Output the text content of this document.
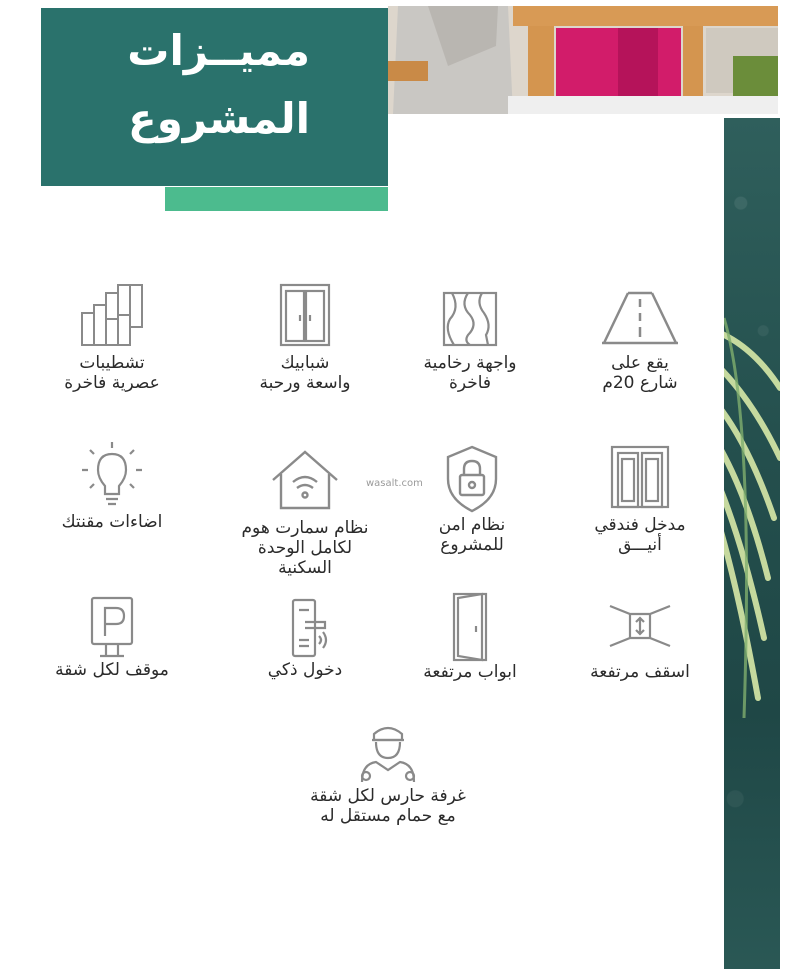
مميــزات
المشروع
wasalt.com
يقع على
شارع 20م
واجهة رخامية
فاخرة
شبابيك
واسعة ورحبة
تشطيبات
عصرية فاخرة
مدخل فندقي
أنيـــق
نظام امن
للمشروع
نظام سمارت هوم
لكامل الوحدة
السكنية
اضاءات مقنتك
اسقف مرتفعة
ابواب مرتفعة
دخول ذكي
موقف لكل شقة
غرفة حارس لكل شقة
مع حمام مستقل له
